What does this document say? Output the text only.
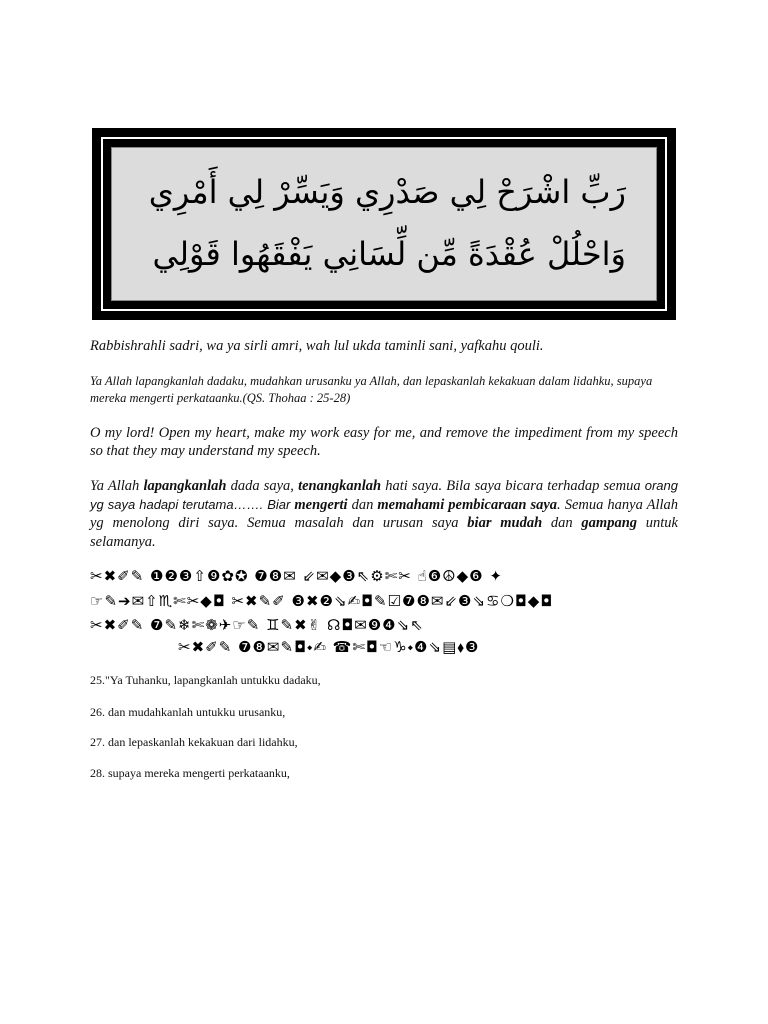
رَبِّ اشْرَحْ لِي صَدْرِي وَيَسِّرْ لِي أَمْرِي
وَاحْلُلْ عُقْدَةً مِّن لِّسَانِي يَفْقَهُوا قَوْلِي

Rabbishrahli sadri, wa ya sirli amri, wah lul ukda taminli sani, yafkahu qouli.

Ya Allah lapangkanlah dadaku, mudahkan urusanku ya Allah, dan lepaskanlah kekakuan dalam lidahku, supaya mereka mengerti perkataanku.(QS. Thohaa : 25-28)

O my lord! Open my heart, make my work easy for me, and remove the impediment from my speech so that they may understand my speech.

Ya Allah lapangkanlah dada saya, tenangkanlah hati saya. Bila saya bicara terhadap semua orang yg saya hadapi terutama……. Biar mengerti dan memahami pembicaraan saya. Semua hanya Allah yg menolong diri saya. Semua masalah dan urusan saya biar mudah dan gampang untuk selamanya.

✂✖✐✎ ❶❷❸⇧❾✿✪ ❼❽✉ ⇙✉◆❸⇖⚙✄✂ ☝❻☮◆❻ ✦
☞✎➔✉⇧♏✄✂◆◘ ✂✖✎✐ ❸✖❷⇘✍◘✎☑❼❽✉⇙❸⇘♋❍◘◆◘
✂✖✐✎ ❼✎❄✄❁✈☞✎ ♊✎✖✌ ☊◘✉❾❹⇘⇖
✂✖✐✎ ❼❽✉✎◘⬩✍ ☎✄◘☜♑⬩❹⇘▤⬧❸

25."Ya Tuhanku, lapangkanlah untukku dadaku,

26. dan mudahkanlah untukku urusanku,

27. dan lepaskanlah kekakuan dari lidahku,

28. supaya mereka mengerti perkataanku,
